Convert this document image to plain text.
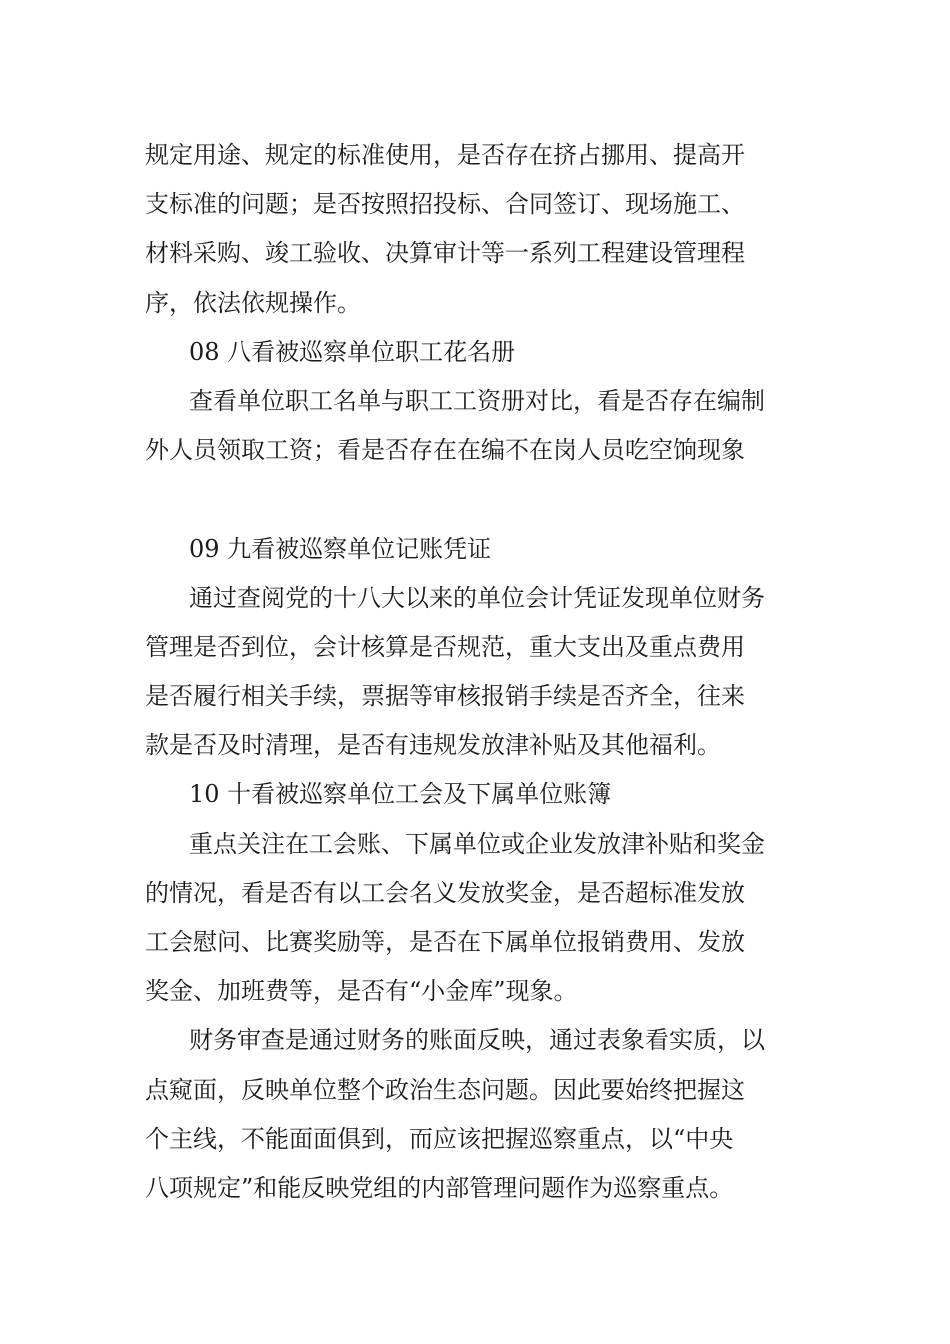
规定用途、规定的标准使用，是否存在挤占挪用、提高开
支标准的问题；是否按照招投标、合同签订、现场施工、
材料采购、竣工验收、决算审计等一系列工程建设管理程
序，依法依规操作。
08 八看被巡察单位职工花名册
查看单位职工名单与职工工资册对比，看是否存在编制
外人员领取工资；看是否存在在编不在岗人员吃空饷现象
09 九看被巡察单位记账凭证
通过查阅党的十八大以来的单位会计凭证发现单位财务
管理是否到位，会计核算是否规范，重大支出及重点费用
是否履行相关手续，票据等审核报销手续是否齐全，往来
款是否及时清理，是否有违规发放津补贴及其他福利。
10 十看被巡察单位工会及下属单位账簿
重点关注在工会账、下属单位或企业发放津补贴和奖金
的情况，看是否有以工会名义发放奖金，是否超标准发放
工会慰问、比赛奖励等，是否在下属单位报销费用、发放
奖金、加班费等，是否有“小金库”现象。
财务审查是通过财务的账面反映，通过表象看实质，以
点窥面，反映单位整个政治生态问题。因此要始终把握这
个主线，不能面面俱到，而应该把握巡察重点，以“中央
八项规定”和能反映党组的内部管理问题作为巡察重点。
